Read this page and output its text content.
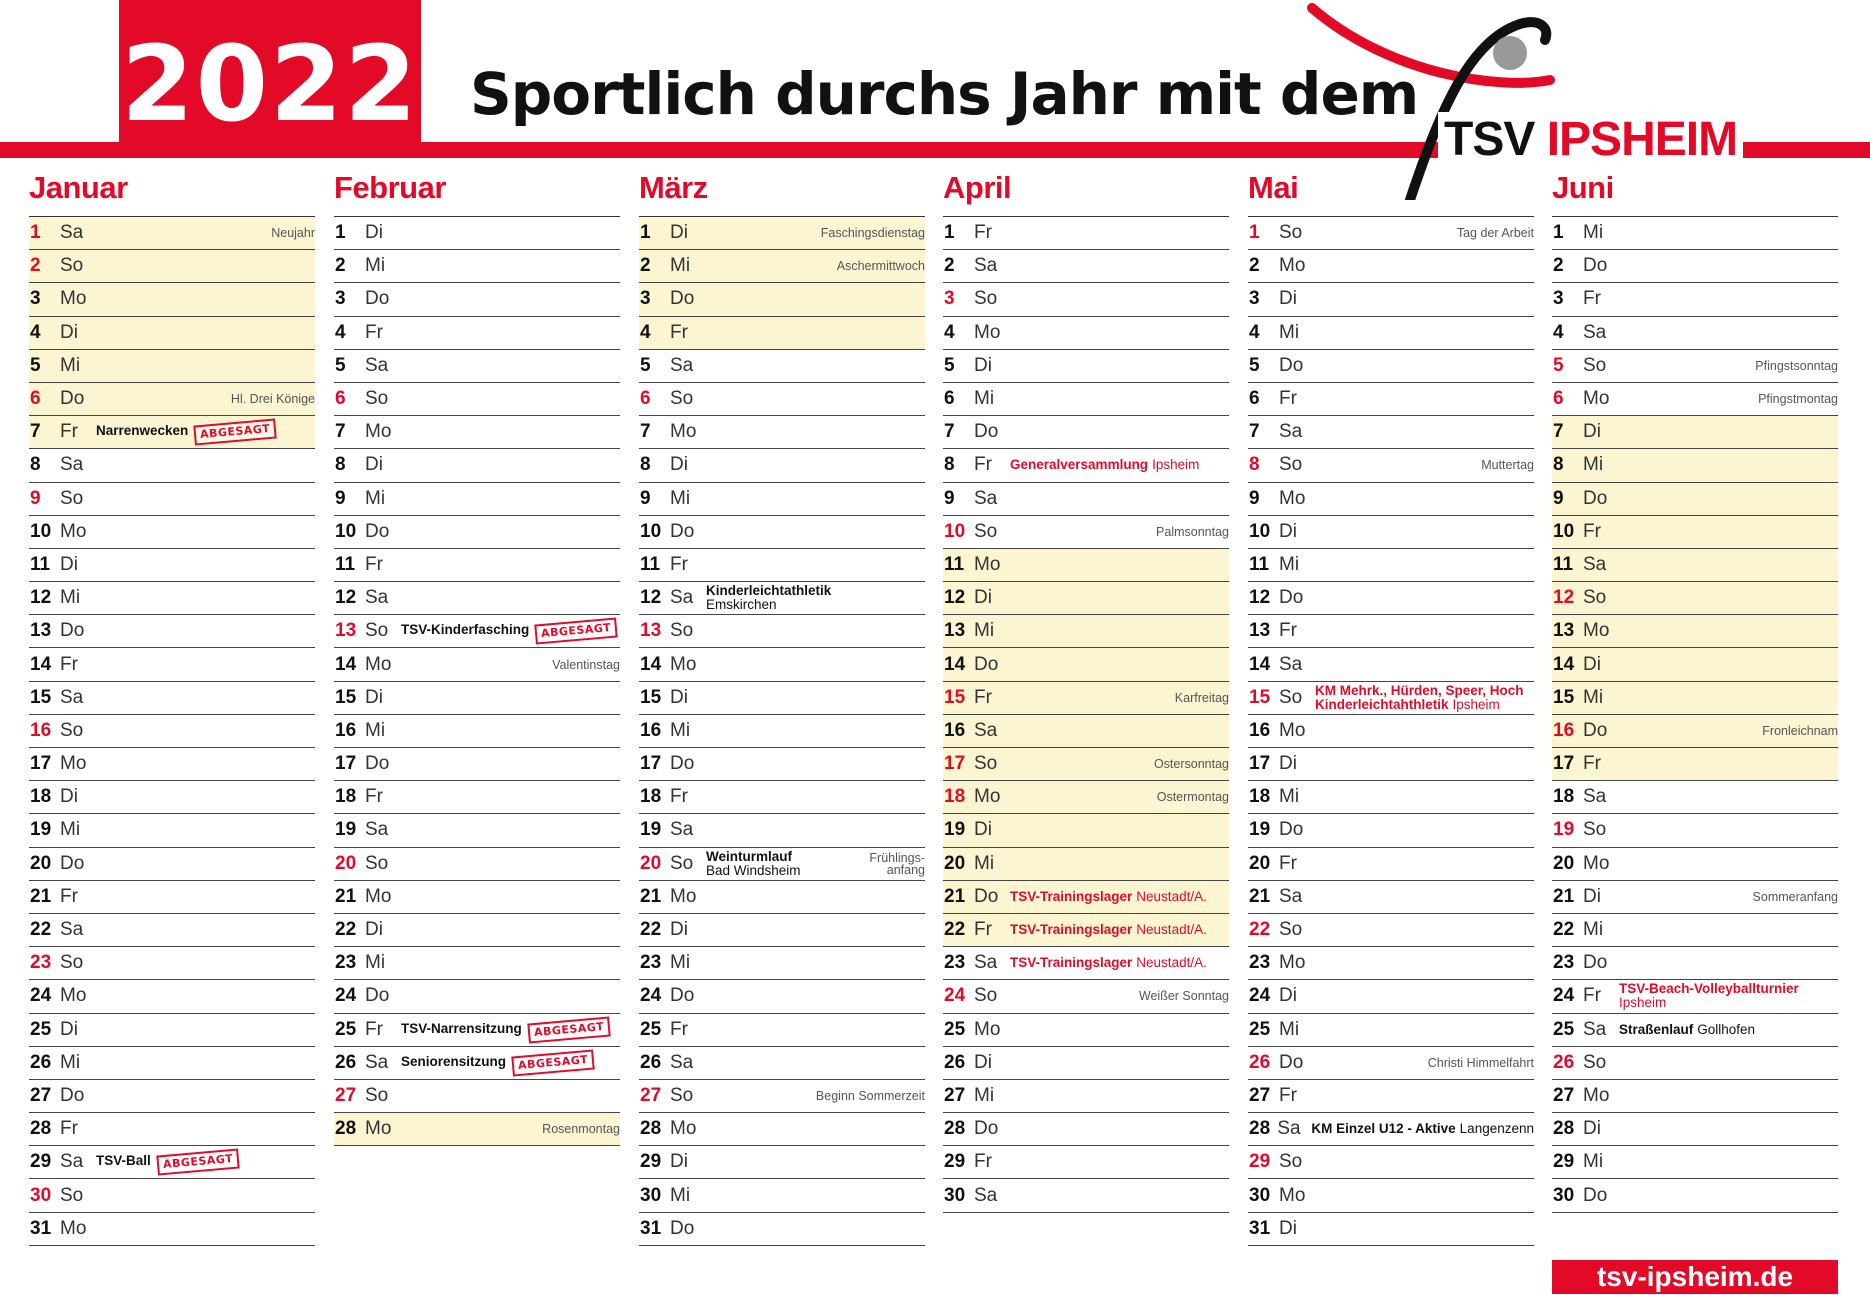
2022 Sportlich durchs Jahr mit dem
TSV IPSHEIM
Januar
1	Sa	Neujahr
2	So
3	Mo
4	Di
5	Mi
6	Do	Hl. Drei Könige
7	Fr	Narrenwecken ABGESAGT
8	Sa
9	So
10 Mo
11 Di
12 Mi
13 Do
14 Fr
15 Sa
16 So
17 Mo
18 Di
19 Mi
20 Do
21 Fr
22 Sa
23 So
24 Mo
25 Di
26 Mi
27 Do
28 Fr
29 Sa TSV-Ball ABGESAGT
30 So
31 Mo
Februar
1	Di
2	Mi
3	Do
4	Fr
5	Sa
6	So
7	Mo
8	Di
9	Mi
10 Do
11 Fr
12 Sa
13 So TSV-Kinderfasching ABGESAGT
14 Mo	Valentinstag
15 Di
16 Mi
17 Do
18 Fr
19 Sa
20 So
21 Mo
22 Di
23 Mi
24 Do
25 Fr	TSV-Narrensitzung ABGESAGT
26 Sa Seniorensitzung ABGESAGT
27 So
28 Mo	Rosenmontag
März
1	Di	Faschingsdienstag
2	Mi	Aschermittwoch
3	Do
4	Fr
5	Sa
6	So
7	Mo
8	Di
9	Mi
10 Do
11 Fr
12 Sa Kinderleichtathletik
Emskirchen
13 So
14 Mo
15 Di
16 Mi
17 Do
18 Fr
19 Sa
20 So Weinturmlauf
Bad Windsheim
Frühlings-
anfang
21 Mo
22 Di
23 Mi
24 Do
25 Fr
26 Sa
27 So	Beginn Sommerzeit
28 Mo
29 Di
30 Mi
31 Do
April
1	Fr
2	Sa
3	So
4	Mo
5	Di
6	Mi
7	Do
8	Fr	Generalversammlung Ipsheim
9	Sa
10 So	Palmsonntag
11 Mo
12 Di
13 Mi
14 Do
15 Fr	Karfreitag
16 Sa
17 So	Ostersonntag
18 Mo	Ostermontag
19 Di
20 Mi
21 Do TSV-Trainingslager Neustadt/A.
22 Fr	TSV-Trainingslager Neustadt/A.
23 Sa TSV-Trainingslager Neustadt/A.
24 So	Weißer Sonntag
25 Mo
26 Di
27 Mi
28 Do
29 Fr
30 Sa
Mai
1	So	Tag der Arbeit
2	Mo
3	Di
4	Mi
5	Do
6	Fr
7	Sa
8	So	Muttertag
9	Mo
10 Di
11 Mi
12 Do
13 Fr
14 Sa
15 So KM Mehrk., Hürden, Speer, Hoch
Kinderleichtahthletik Ipsheim
16 Mo
17 Di
18 Mi
19 Do
20 Fr
21 Sa
22 So
23 Mo
24 Di
25 Mi
26 Do	Christi Himmelfahrt
27 Fr
28 Sa KM Einzel U12 - Aktive Langenzenn
29 So
30 Mo
31 Di
Juni
1	Mi
2	Do
3	Fr
4	Sa
5	So	Pfingstsonntag
6	Mo	Pfingstmontag
7	Di
8	Mi
9	Do
10 Fr
11 Sa
12 So
13 Mo
14 Di
15 Mi
16 Do	Fronleichnam
17 Fr
18 Sa
19 So
20 Mo
21 Di	Sommeranfang
22 Mi
23 Do
24 Fr	TSV-Beach-Volleyballturnier
Ipsheim
25 Sa Straßenlauf Gollhofen
26 So
27 Mo
28 Di
29 Mi
30 Do
tsv-ipsheim.de
